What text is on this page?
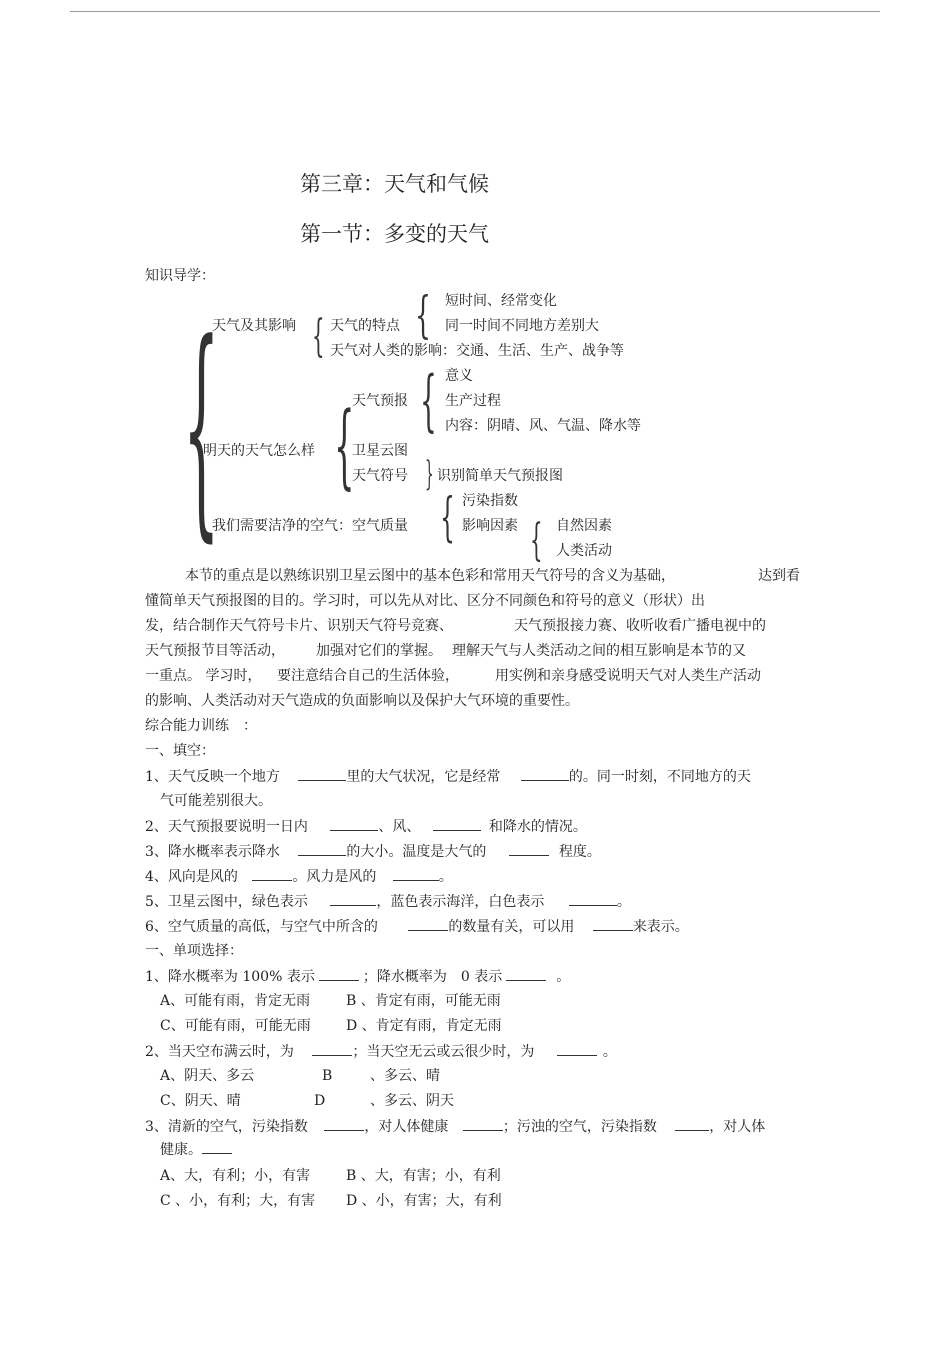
第三章：天气和气候
第一节：多变的天气
知识导学：
{
天气及其影响 { 天气的特点 { 短时间、经常变化
同一时间不同地方差别大
天气对人类的影响：交通、生活、生产、战争等
天气预报 { 意义
生产过程
内容：阴晴、风、气温、降水等
明天的天气怎么样 {
卫星云图
天气符号 } 识别简单天气预报图
我们需要洁净的空气：空气质量 { 污染指数
影响因素 { 自然因素
人类活动
本节的重点是以熟练识别卫星云图中的基本色彩和常用天气符号的含义为基础，	达到看
懂简单天气预报图的目的。学习时，可以先从对比、区分不同颜色和符号的意义（形状）出
发，结合制作天气符号卡片、识别天气符号竞赛、	天气预报接力赛、收听收看广播电视中的
天气预报节目等活动， 加强对它们的掌握。 理解天气与人类活动之间的相互影响是本节的又
一重点。 学习时， 要注意结合自己的生活体验，	用实例和亲身感受说明天气对人类生产活动
的影响、人类活动对天气造成的负面影响以及保护大气环境的重要性。
综合能力训练　：
一、填空：
1、天气反映一个地方	里的大气状况，它是经常	的。同一时刻，不同地方的天
气可能差别很大。
2、天气预报要说明一日内	、风、	和降水的情况。
3、降水概率表示降水	的大小。温度是大气的	程度。
4、风向是风的	。风力是风的	。
5、卫星云图中，绿色表示	，蓝色表示海洋，白色表示	。
6、空气质量的高低，与空气中所含的	的数量有关，可以用	来表示。
一、单项选择：
1、降水概率为 100% 表示	；降水概率为　0 表示	。
A、可能有雨，肯定无雨	B 、肯定有雨，可能无雨
C、可能有雨，可能无雨	D 、肯定有雨，肯定无雨
2、当天空布满云时，为	；当天空无云或云很少时，为	。
A、阴天、多云	B	、多云、晴
C、阴天、晴	D	、多云、阴天
3、清新的空气，污染指数	，对人体健康	；污浊的空气，污染指数	，对人体
健康。
A、大，有利；小，有害	B 、大，有害；小，有利
C 、小，有利；大，有害 D 、小，有害；大，有利
